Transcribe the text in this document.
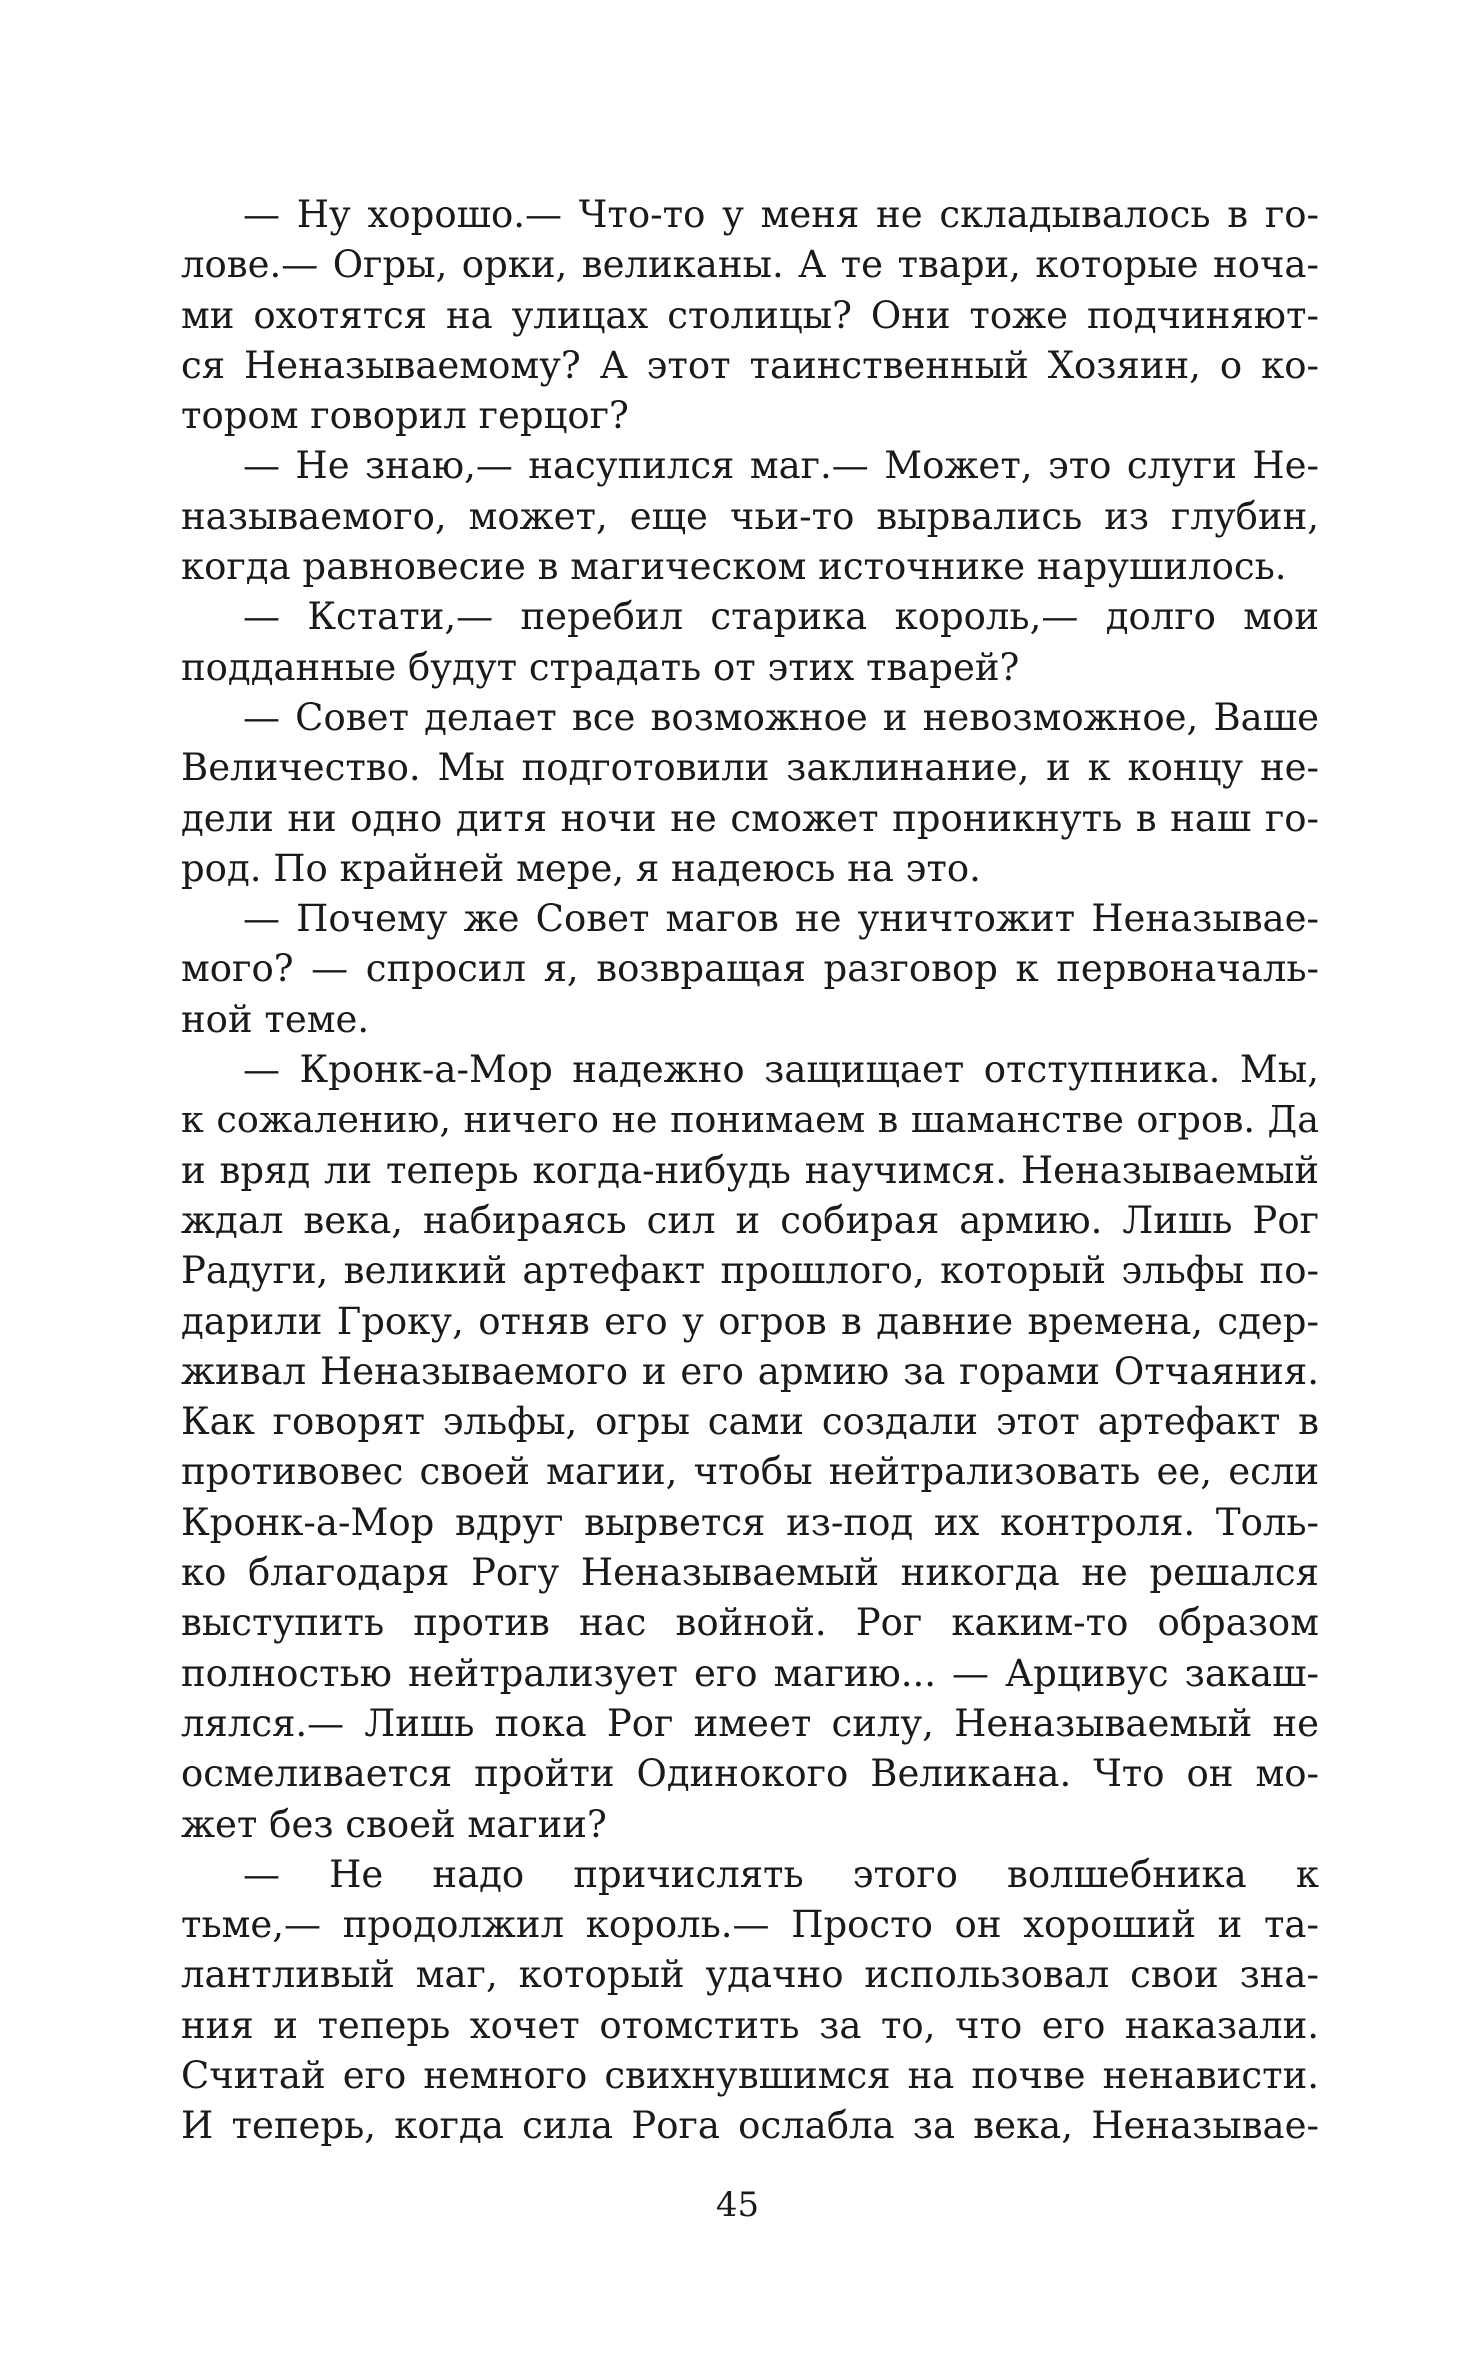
— Ну хорошо.— Что-то у меня не складывалось в го-
лове.— Огры, орки, великаны. А те твари, которые нoча-
ми охотятся на улицах столицы? Они тоже подчиняют-
ся Неназываемому? А этот таинственный Хозяин, о ко-
тором говорил герцог?
— Не знаю,— насупился маг.— Может, это слуги Не-
называемого, может, еще чьи-то вырвались из глубин,
когда равновесие в магическом источнике нарушилось.
— Кстати,— перебил старика король,— долго мои
подданные будут страдать от этих тварей?
— Совет делает все возможное и невозможное, Ваше
Величество. Мы подготовили заклинание, и к концу не-
дели ни одно дитя ночи не сможет проникнуть в наш го-
род. По крайней мере, я надеюсь на это.
— Почему же Совет магов не уничтожит Неназывае-
мого? — спросил я, возвращая разговор к первоначаль-
ной теме.
— Кронк-а-Мор надежно защищает отступника. Мы,
к сожалению, ничего не понимаем в шаманстве огров. Да
и вряд ли теперь когда-нибудь научимся. Неназываемый
ждал века, набираясь сил и собирая армию. Лишь Рог
Радуги, великий артефакт прошлого, который эльфы по-
дарили Гроку, отняв его у огров в давние времена, сдер-
живал Неназываемого и его армию за горами Отчаяния.
Как говорят эльфы, огры сами создали этот артефакт в
противовес своей магии, чтобы нейтрализовать ее, если
Кронк-а-Мор вдруг вырвется из-под их контроля. Толь-
ко благодаря Рогу Неназываемый никогда не решался
выступить против нас войной. Рог каким-то образом
полностью нейтрализует его магию... — Арцивус закаш-
лялся.— Лишь пока Рог имеет силу, Неназываемый не
осмеливается пройти Одинокого Великана. Что он мо-
жет без своей магии?
— Не надо причислять этого волшебника к
тьме,— продолжил король.— Просто он хороший и та-
лантливый маг, который удачно использовал свои зна-
ния и теперь хочет отомстить за то, что его наказали.
Считай его немного свихнувшимся на почве ненависти.
И теперь, когда сила Рога ослабла за века, Неназывае-
45
